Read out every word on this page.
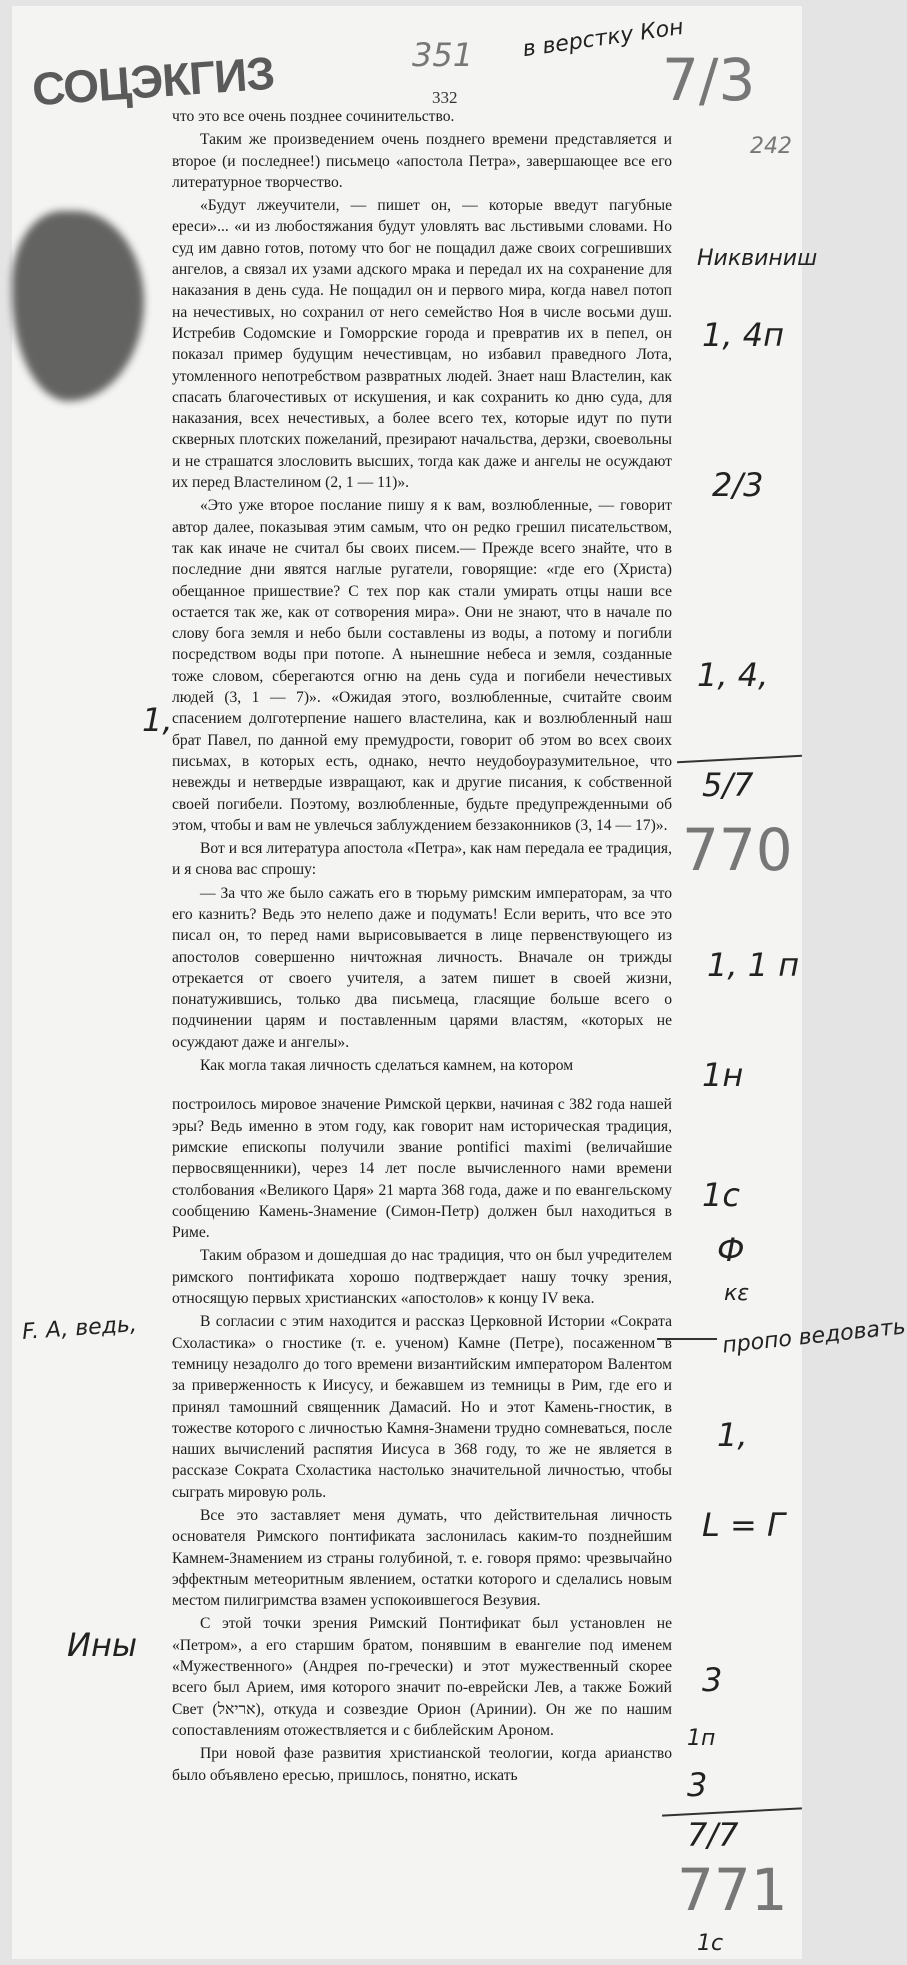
СОЦЭКГИЗ	332
351 в верстку Кон
7/3
242
Никвиниш
1, 4п
2/3
1, 4,
1,
5/7
770
1, 1 п
1н
1с
Ф
кε
пропо ведовать
F. A, ведь,
1,
L = Г
Ины
3
1п
3
7/7
771
1с

что это все очень позднее сочинительство.

Таким же произведением очень позднего времени представляется и второе (и последнее!) письмецо «апостола Петра», завершающее все его литературное творчество.

«Будут лжеучители, — пишет он, — которые введут пагубные ереси»... «и из любостяжания будут уловлять вас льстивыми словами. Но суд им давно готов, потому что бог не пощадил даже своих согрешивших ангелов, а связал их узами адского мрака и передал их на сохранение для наказания в день суда. Не пощадил он и первого мира, когда навел потоп на нечестивых, но сохранил от него семейство Ноя в числе восьми душ. Истребив Содомские и Гоморрские города и превратив их в пепел, он показал пример будущим нечестивцам, но избавил праведного Лота, утомленного непотребством развратных людей. Знает наш Властелин, как спасать благочестивых от искушения, и как сохранить ко дню суда, для наказания, всех нечестивых, а более всего тех, которые идут по пути скверных плотских пожеланий, презирают начальства, дерзки, своевольны и не страшатся злословить высших, тогда как даже и ангелы не осуждают их перед Властелином (2, 1 — 11)».

«Это уже второе послание пишу я к вам, возлюбленные, — говорит автор далее, показывая этим самым, что он редко грешил писательством, так как иначе не считал бы своих писем.— Прежде всего знайте, что в последние дни явятся наглые ругатели, говорящие: «где его (Христа) обещанное пришествие? С тех пор как стали умирать отцы наши все остается так же, как от сотворения мира». Они не знают, что в начале по слову бога земля и небо были составлены из воды, а потому и погибли посредством воды при потопе. А нынешние небеса и земля, созданные тоже словом, сберегаются огню на день суда и погибели нечестивых людей (3, 1 — 7)». «Ожидая этого, возлюбленные, считайте своим спасением долготерпение нашего властелина, как и возлюбленный наш брат Павел, по данной ему премудрости, говорит об этом во всех своих письмах, в которых есть, однако, нечто неудобоуразумительное, что невежды и нетвердые извращают, как и другие писания, к собственной своей погибели. Поэтому, возлюбленные, будьте предупрежденными об этом, чтобы и вам не увлечься заблуждением беззаконников (3, 14 — 17)».

Вот и вся литература апостола «Петра», как нам передала ее традиция, и я снова вас спрошу:

— За что же было сажать его в тюрьму римским императорам, за что его казнить? Ведь это нелепо даже и подумать! Если верить, что все это писал он, то перед нами вырисовывается в лице первенствующего из апостолов совершенно ничтожная личность. Вначале он трижды отрекается от своего учителя, а затем пишет в своей жизни, понатужившись, только два письмеца, гласящие больше всего о подчинении царям и поставленным царями властям, «которых не осуждают даже и ангелы».

Как могла такая личность сделаться камнем, на котором

построилось мировое значение Римской церкви, начиная с 382 года нашей эры? Ведь именно в этом году, как говорит нам историческая традиция, римские епископы получили звание pontifici maximi (величайшие первосвященники), через 14 лет после вычисленного нами времени столбования «Великого Царя» 21 марта 368 года, даже и по евангельскому сообщению Камень-Знамение (Симон-Петр) должен был находиться в Риме.

Таким образом и дошедшая до нас традиция, что он был учредителем римского понтификата хорошо подтверждает нашу точку зрения, относящую первых христианских «апостолов» к концу IV века.

В согласии с этим находится и рассказ Церковной Истории «Сократа Схоластика» о гностике (т. е. ученом) Камне (Петре), посаженном в темницу незадолго до того времени византийским императором Валентом за приверженность к Иисусу, и бежавшем из темницы в Рим, где его и принял тамошний священник Дамасий. Но и этот Камень-гностик, в тожестве которого с личностью Камня-Знамени трудно сомневаться, после наших вычислений распятия Иисуса в 368 году, то же не является в рассказе Сократа Схоластика настолько значительной личностью, чтобы сыграть мировую роль.

Все это заставляет меня думать, что действительная личность основателя Римского понтификата заслонилась каким-то позднейшим Камнем-Знамением из страны голубиной, т. е. говоря прямо: чрезвычайно эффектным метеоритным явлением, остатки которого и сделались новым местом пилигримства взамен успокоившегося Везувия.

С этой точки зрения Римский Понтификат был установлен не «Петром», а его старшим братом, понявшим в евангелие под именем «Мужественного» (Андрея по-гречески) и этот мужественный скорее всего был Арием, имя которого значит по-еврейски Лев, а также Божий Свет (אריאל), откуда и созвездие Орион (Аринии). Он же по нашим сопоставлениям отожествляется и с библейским Ароном.

При новой фазе развития христианской теологии, когда арианство было объявлено ересью, пришлось, понятно, искать
